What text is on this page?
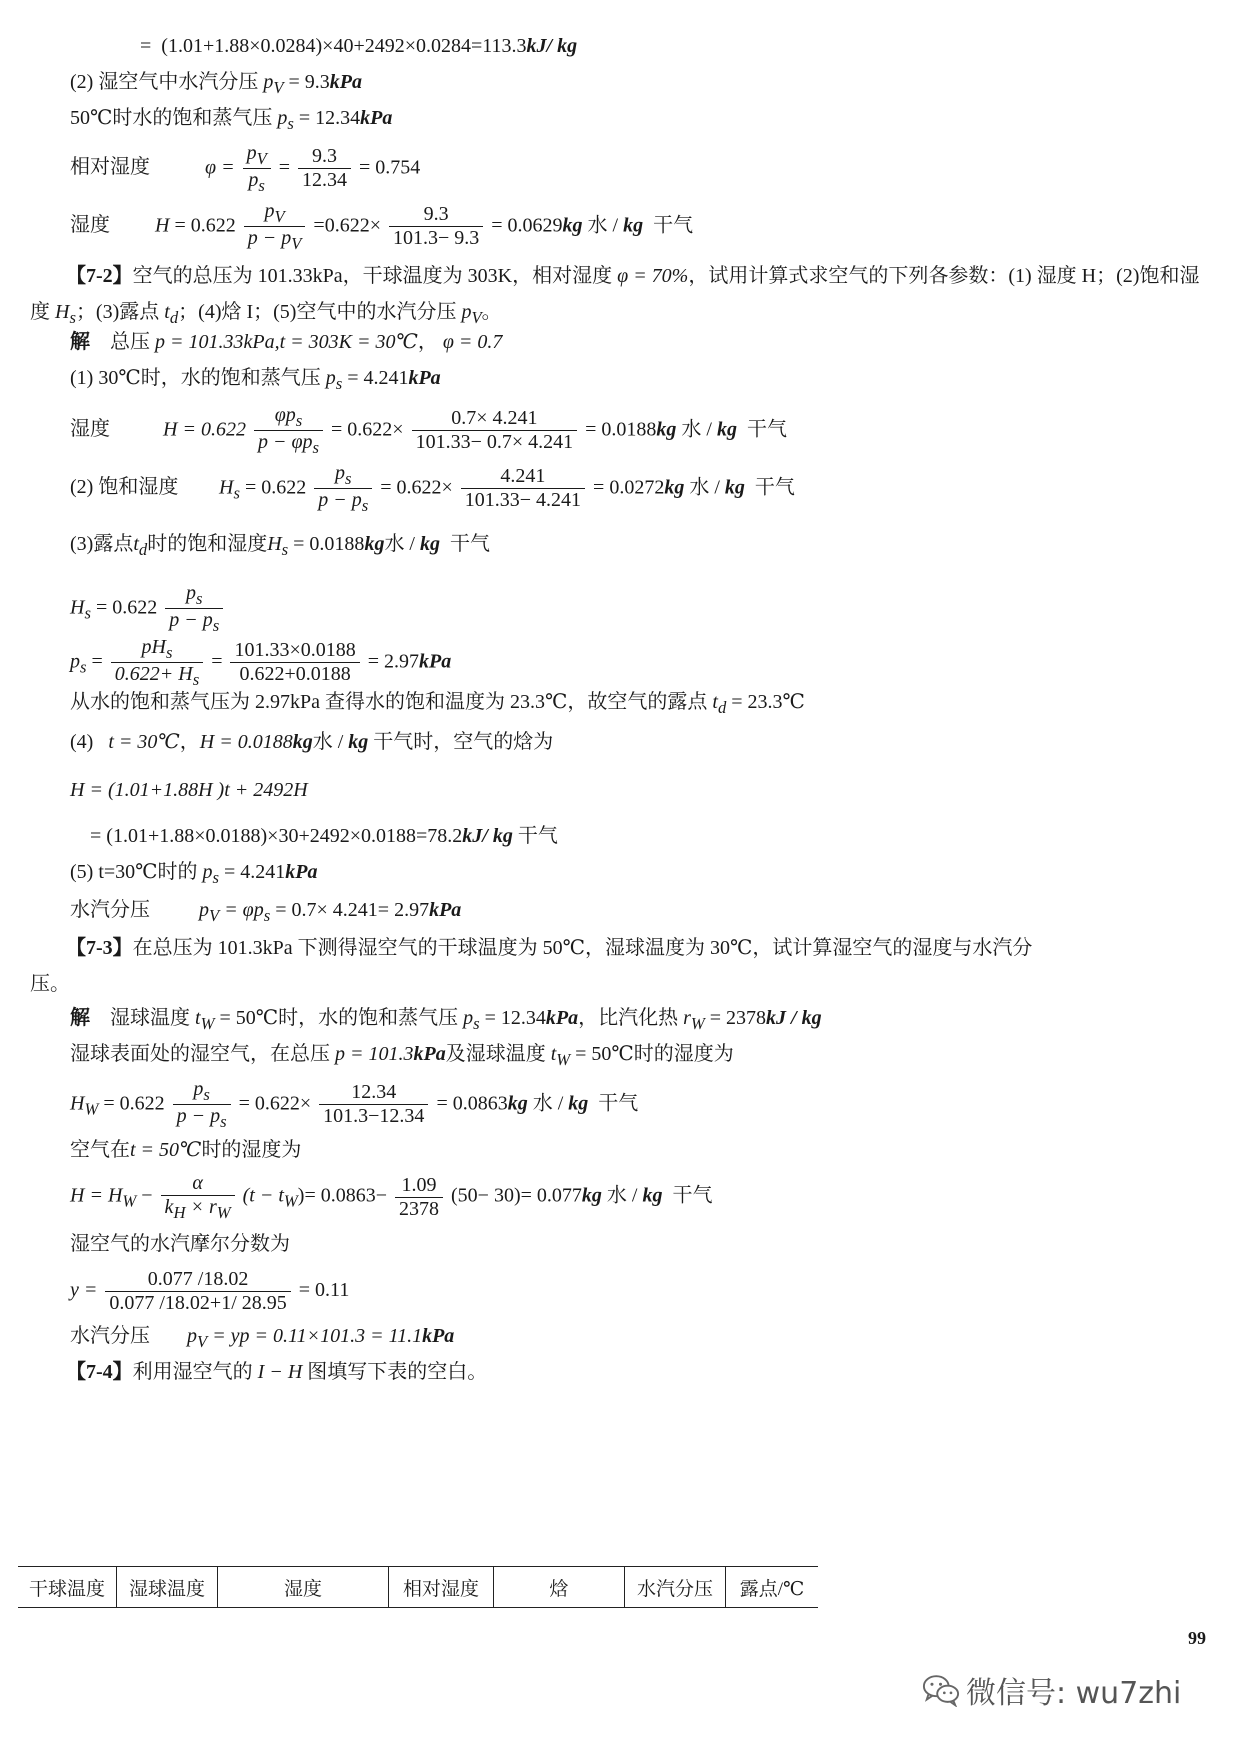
= (1.01+1.88×0.0284)×40+2492×0.0284=113.3kJ/ kg
(2) 湿空气中水汽分压 $p_V = 9.3kPa$
50℃时水的饱和蒸气压 $p_s = 12.34kPa$
相对湿度	$\varphi = \frac{p_V}{p_s} = \frac{9.3}{12.34} = 0.754$
湿度 $H = 0.622 \frac{p_V}{p - p_V} =0.622\times \frac{9.3}{101.3- 9.3} = 0.0629kg$ 水 / kg 干气
【7-2】空气的总压为 101.33kPa，干球温度为 303K，相对湿度 φ = 70%，试用计算式求空气的下列各参数：(1) 湿度 H；(2)饱和湿度 $H_s$；(3)露点 $t_d$；(4)焓 I；(5)空气中的水汽分压 $p_V$。
解 总压 p = 101.33kPa,t = 303K = 30℃， φ = 0.7
(1) 30℃时，水的饱和蒸气压 $p_s = 4.241kPa$
湿度	$H = 0.622 \frac{\varphi p_s}{p - \varphi p_s} = 0.622\times \frac{0.7\times 4.241}{101.33- 0.7\times 4.241} = 0.0188kg$ 水 / kg 干气
(2) 饱和湿度 $H_s = 0.622 \frac{p_s}{p - p_s} = 0.622\times \frac{4.241}{101.33- 4.241} = 0.0272kg$ 水 / kg 干气
(3)露点$t_d$时的饱和湿度$H_s = 0.0188kg$水 / kg 干气
$H_s = 0.622 \frac{p_s}{p - p_s}$
$p_s = \frac{pH_s}{0.622+ H_s} = \frac{101.33\times 0.0188}{0.622+0.0188} = 2.97kPa$
从水的饱和蒸气压为 2.97kPa 查得水的饱和温度为 23.3℃，故空气的露点 $t_d$ = 23.3℃
(4) t = 30℃，H = 0.0188kg水 / kg 干气时，空气的焓为
H = (1.01+1.88H )t + 2492H
= (1.01+1.88×0.0188)×30+2492×0.0188=78.2kJ/ kg 干气
(5) t=30℃时的 $p_s = 4.241kPa$
水汽分压 $p_V = \varphi p_s = 0.7\times 4.241= 2.97kPa$
【7-3】在总压为 101.3kPa 下测得湿空气的干球温度为 50℃，湿球温度为 30℃，试计算湿空气的湿度与水汽分
压。
解 湿球温度 $t_W$ = 50℃时，水的饱和蒸气压 $p_s = 12.34kPa$，比汽化热 $r_W = 2378kJ$ / kg
湿球表面处的湿空气，在总压 p = 101.3kPa及湿球温度 $t_W$ = 50℃时的湿度为
$H_W = 0.622 \frac{p_s}{p - p_s} = 0.622\times \frac{12.34}{101.3-12.34} = 0.0863kg$ 水 / kg 干气
空气在t = 50℃时的湿度为
$H = H_W - \frac{\alpha}{k_H \times r_W} (t - t_W)= 0.0863- \frac{1.09}{2378} (50- 30)= 0.077kg$ 水 / kg 干气
湿空气的水汽摩尔分数为
$y = \frac{0.077 /18.02}{0.077 /18.02+1/ 28.95} = 0.11$
水汽分压 $p_V$ = yp = 0.11×101.3 = 11.1kPa
【7-4】利用湿空气的 I − H 图填写下表的空白。
干球温度	湿球温度	湿度	相对湿度	焓	水汽分压	露点/℃
99
微信号: wu7zhi
